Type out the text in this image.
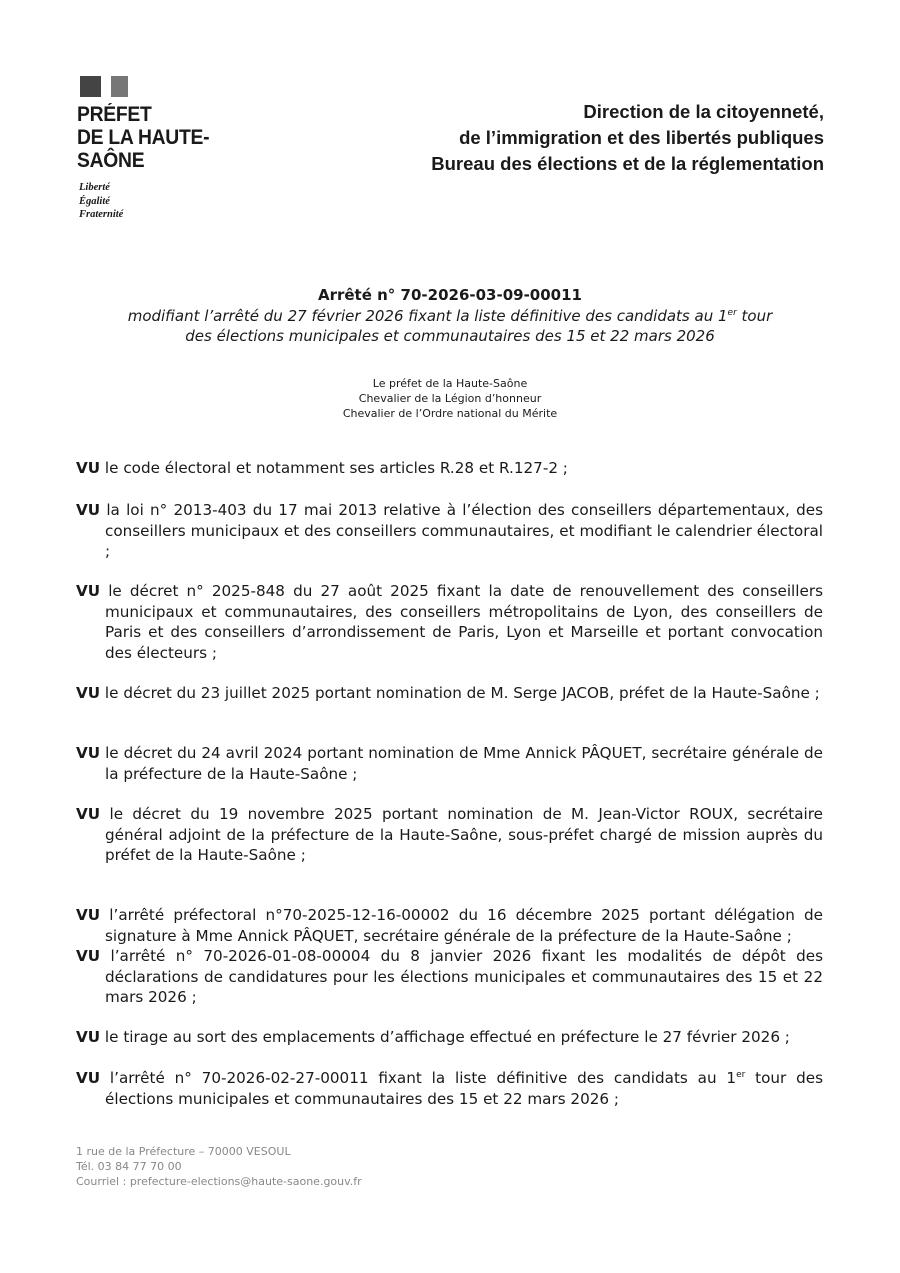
PRÉFET
DE LA HAUTE-
SAÔNE
Liberté
Égalité
Fraternité
Direction de la citoyenneté,
de l’immigration et des libertés publiques
Bureau des élections et de la réglementation
Arrêté n° 70-2026-03-09-00011
modifiant l’arrêté du 27 février 2026 fixant la liste définitive des candidats au 1er tour
des élections municipales et communautaires des 15 et 22 mars 2026
Le préfet de la Haute-Saône
Chevalier de la Légion d’honneur
Chevalier de l’Ordre national du Mérite
VU le code électoral et notamment ses articles R.28 et R.127-2 ;
VU la loi n° 2013-403 du 17 mai 2013 relative à l’élection des conseillers départementaux, des conseillers municipaux et des conseillers communautaires, et modifiant le calendrier électoral ;
VU le décret n° 2025-848 du 27 août 2025 fixant la date de renouvellement des conseillers municipaux et communautaires, des conseillers métropolitains de Lyon, des conseillers de Paris et des conseillers d’arrondissement de Paris, Lyon et Marseille et portant convocation des électeurs ;
VU le décret du 23 juillet 2025 portant nomination de M. Serge JACOB, préfet de la Haute-Saône ;
VU le décret du 24 avril 2024 portant nomination de Mme Annick PÂQUET, secrétaire générale de la préfecture de la Haute-Saône ;
VU le décret du 19 novembre 2025 portant nomination de M. Jean-Victor ROUX, secrétaire général adjoint de la préfecture de la Haute-Saône, sous-préfet chargé de mission auprès du préfet de la Haute-Saône ;
VU l’arrêté préfectoral n°70-2025-12-16-00002 du 16 décembre 2025 portant délégation de signature à Mme Annick PÂQUET, secrétaire générale de la préfecture de la Haute-Saône ;
VU l’arrêté n° 70-2026-01-08-00004 du 8 janvier 2026 fixant les modalités de dépôt des déclarations de candidatures pour les élections municipales et communautaires des 15 et 22 mars 2026 ;
VU le tirage au sort des emplacements d’affichage effectué en préfecture le 27 février 2026 ;
VU l’arrêté n° 70-2026-02-27-00011 fixant la liste définitive des candidats au 1er tour des élections municipales et communautaires des 15 et 22 mars 2026 ;
1 rue de la Préfecture – 70000 VESOUL
Tél. 03 84 77 70 00
Courriel : prefecture-elections@haute-saone.gouv.fr
